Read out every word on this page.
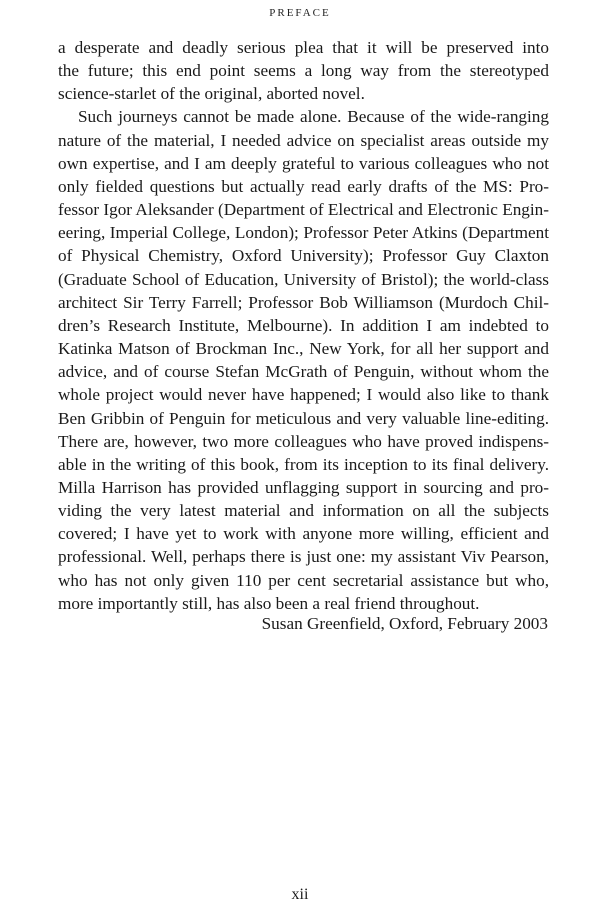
PREFACE

a desperate and deadly serious plea that it will be preserved into
the future; this end point seems a long way from the stereotyped
science-starlet of the original, aborted novel.

Such journeys cannot be made alone. Because of the wide-ranging
nature of the material, I needed advice on specialist areas outside my
own expertise, and I am deeply grateful to various colleagues who not
only fielded questions but actually read early drafts of the MS: Pro-
fessor Igor Aleksander (Department of Electrical and Electronic Engin-
eering, Imperial College, London); Professor Peter Atkins (Department
of Physical Chemistry, Oxford University); Professor Guy Claxton
(Graduate School of Education, University of Bristol); the world-class
architect Sir Terry Farrell; Professor Bob Williamson (Murdoch Chil-
dren’s Research Institute, Melbourne). In addition I am indebted to
Katinka Matson of Brockman Inc., New York, for all her support and
advice, and of course Stefan McGrath of Penguin, without whom the
whole project would never have happened; I would also like to thank
Ben Gribbin of Penguin for meticulous and very valuable line-editing.
There are, however, two more colleagues who have proved indispens-
able in the writing of this book, from its inception to its final delivery.
Milla Harrison has provided unflagging support in sourcing and pro-
viding the very latest material and information on all the subjects
covered; I have yet to work with anyone more willing, efficient and
professional. Well, perhaps there is just one: my assistant Viv Pearson,
who has not only given 110 per cent secretarial assistance but who,
more importantly still, has also been a real friend throughout.

Susan Greenfield, Oxford, February 2003
xii
